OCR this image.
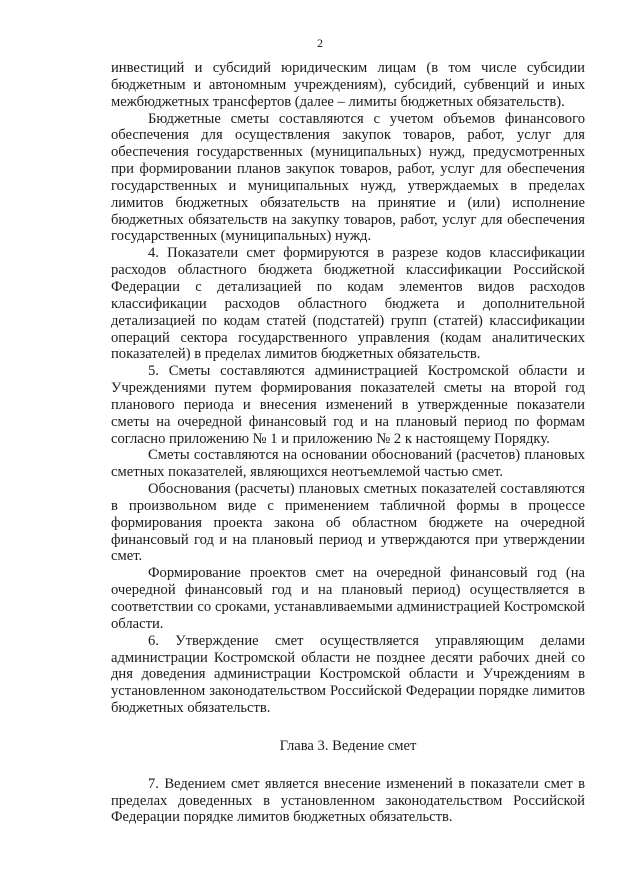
2

инвестиций и субсидий юридическим лицам (в том числе субсидии бюджетным и автономным учреждениям), субсидий, субвенций и иных межбюджетных трансфертов (далее – лимиты бюджетных обязательств).

Бюджетные сметы составляются с учетом объемов финансового обеспечения для осуществления закупок товаров, работ, услуг для обеспечения государственных (муниципальных) нужд, предусмотренных при формировании планов закупок товаров, работ, услуг для обеспечения государственных и муниципальных нужд, утверждаемых в пределах лимитов бюджетных обязательств на принятие и (или) исполнение бюджетных обязательств на закупку товаров, работ, услуг для обеспечения государственных (муниципальных) нужд.

4. Показатели смет формируются в разрезе кодов классификации расходов областного бюджета бюджетной классификации Российской Федерации с детализацией по кодам элементов видов расходов классификации расходов областного бюджета и дополнительной детализацией по кодам статей (подстатей) групп (статей) классификации операций сектора государственного управления (кодам аналитических показателей) в пределах лимитов бюджетных обязательств.

5. Сметы составляются администрацией Костромской области и Учреждениями путем формирования показателей сметы на второй год планового периода и внесения изменений в утвержденные показатели сметы на очередной финансовый год и на плановый период по формам согласно приложению № 1 и приложению № 2 к настоящему Порядку.

Сметы составляются на основании обоснований (расчетов) плановых сметных показателей, являющихся неотъемлемой частью смет.

Обоснования (расчеты) плановых сметных показателей составляются в произвольном виде с применением табличной формы в процессе формирования проекта закона об областном бюджете на очередной финансовый год и на плановый период и утверждаются при утверждении смет.

Формирование проектов смет на очередной финансовый год (на очередной финансовый год и на плановый период) осуществляется в соответствии со сроками, устанавливаемыми администрацией Костромской области.

6. Утверждение смет осуществляется управляющим делами администрации Костромской области не позднее десяти рабочих дней со дня доведения администрации Костромской области и Учреждениям в установленном законодательством Российской Федерации порядке лимитов бюджетных обязательств.

Глава 3. Ведение смет

7. Ведением смет является внесение изменений в показатели смет в пределах доведенных в установленном законодательством Российской Федерации порядке лимитов бюджетных обязательств.
